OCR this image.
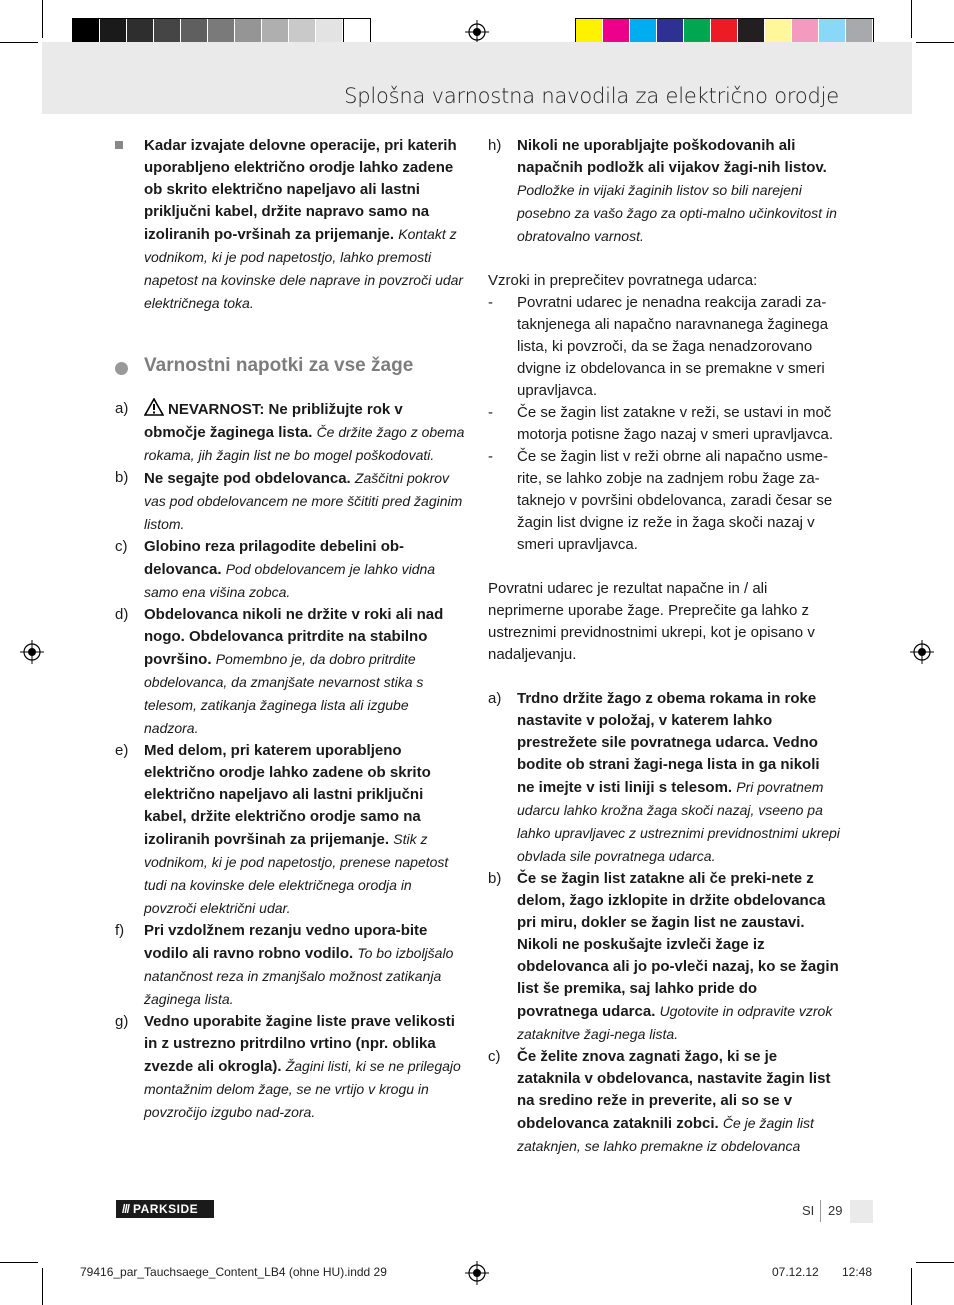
Splošna varnostna navodila za električno orodje

Kadar izvajate delovne operacije, pri katerih uporabljeno električno orodje lahko zadene ob skrito električno napeljavo ali lastni priključni kabel, držite napravo samo na izoliranih po-vršinah za prijemanje. Kontakt z vodnikom, ki je pod napetostjo, lahko premosti napetost na kovinske dele naprave in povzroči udar električnega toka.

Varnostni napotki za vse žage
a)	NEVARNOST: Ne približujte rok v območje žaginega lista. Če držite žago z obema rokama, jih žagin list ne bo mogel poškodovati.

b)	Ne segajte pod obdelovanca. Zaščitni pokrov vas pod obdelovancem ne more ščititi pred žaginim listom.

c)	Globino reza prilagodite debelini ob-delovanca. Pod obdelovancem je lahko vidna samo ena višina zobca.

d)	Obdelovanca nikoli ne držite v roki ali nad nogo. Obdelovanca pritrdite na stabilno površino. Pomembno je, da dobro pritrdite obdelovanca, da zmanjšate nevarnost stika s telesom, zatikanja žaginega lista ali izgube nadzora.

e)	Med delom, pri katerem uporabljeno električno orodje lahko zadene ob skrito električno napeljavo ali lastni priključni kabel, držite električno orodje samo na izoliranih površinah za prijemanje. Stik z vodnikom, ki je pod napetostjo, prenese napetost tudi na kovinske dele električnega orodja in povzroči električni udar.

f)	Pri vzdolžnem rezanju vedno upora-bite vodilo ali ravno robno vodilo. To bo izboljšalo natančnost reza in zmanjšalo možnost zatikanja žaginega lista.

g)	Vedno uporabite žagine liste prave velikosti in z ustrezno pritrdilno vrtino (npr. oblika zvezde ali okrogla). Žagini listi, ki se ne prilegajo montažnim delom žage, se ne vrtijo v krogu in povzročijo izgubo nad-zora.

h)	Nikoli ne uporabljajte poškodovanih ali napačnih podložk ali vijakov žagi-nih listov. Podložke in vijaki žaginih listov so bili narejeni posebno za vašo žago za opti-malno učinkovitost in obratovalno varnost.

Vzroki in preprečitev povratnega udarca:

-	Povratni udarec je nenadna reakcija zaradi za-taknjenega ali napačno naravnanega žaginega lista, ki povzroči, da se žaga nenadzorovano dvigne iz obdelovanca in se premakne v smeri upravljavca.

-	Če se žagin list zatakne v reži, se ustavi in moč motorja potisne žago nazaj v smeri upravljavca.

-	Če se žagin list v reži obrne ali napačno usme-rite, se lahko zobje na zadnjem robu žage za-taknejo v površini obdelovanca, zaradi česar se žagin list dvigne iz reže in žaga skoči nazaj v smeri upravljavca.

Povratni udarec je rezultat napačne in / ali neprimerne uporabe žage. Preprečite ga lahko z ustreznimi previdnostnimi ukrepi, kot je opisano v nadaljevanju.

a)	Trdno držite žago z obema rokama in roke nastavite v položaj, v katerem lahko prestrežete sile povratnega udarca. Vedno bodite ob strani žagi-nega lista in ga nikoli ne imejte v isti liniji s telesom. Pri povratnem udarcu lahko krožna žaga skoči nazaj, vseeno pa lahko upravljavec z ustreznimi previdnostnimi ukrepi obvlada sile povratnega udarca.

b)	Če se žagin list zatakne ali če preki-nete z delom, žago izklopite in držite obdelovanca pri miru, dokler se žagin list ne zaustavi. Nikoli ne poskušajte izvleči žage iz obdelovanca ali jo po-vleči nazaj, ko se žagin list še premika, saj lahko pride do povratnega udarca. Ugotovite in odpravite vzrok zataknitve žagi-nega lista.

c)	Če želite znova zagnati žago, ki se je zataknila v obdelovanca, nastavite žagin list na sredino reže in preverite, ali so se v obdelovanca zataknili zobci. Če je žagin list zataknjen, se lahko premakne iz obdelovanca

/// PARKSIDE	SI 29
79416_par_Tauchsaege_Content_LB4 (ohne HU).indd 29	07.12.12 12:48
